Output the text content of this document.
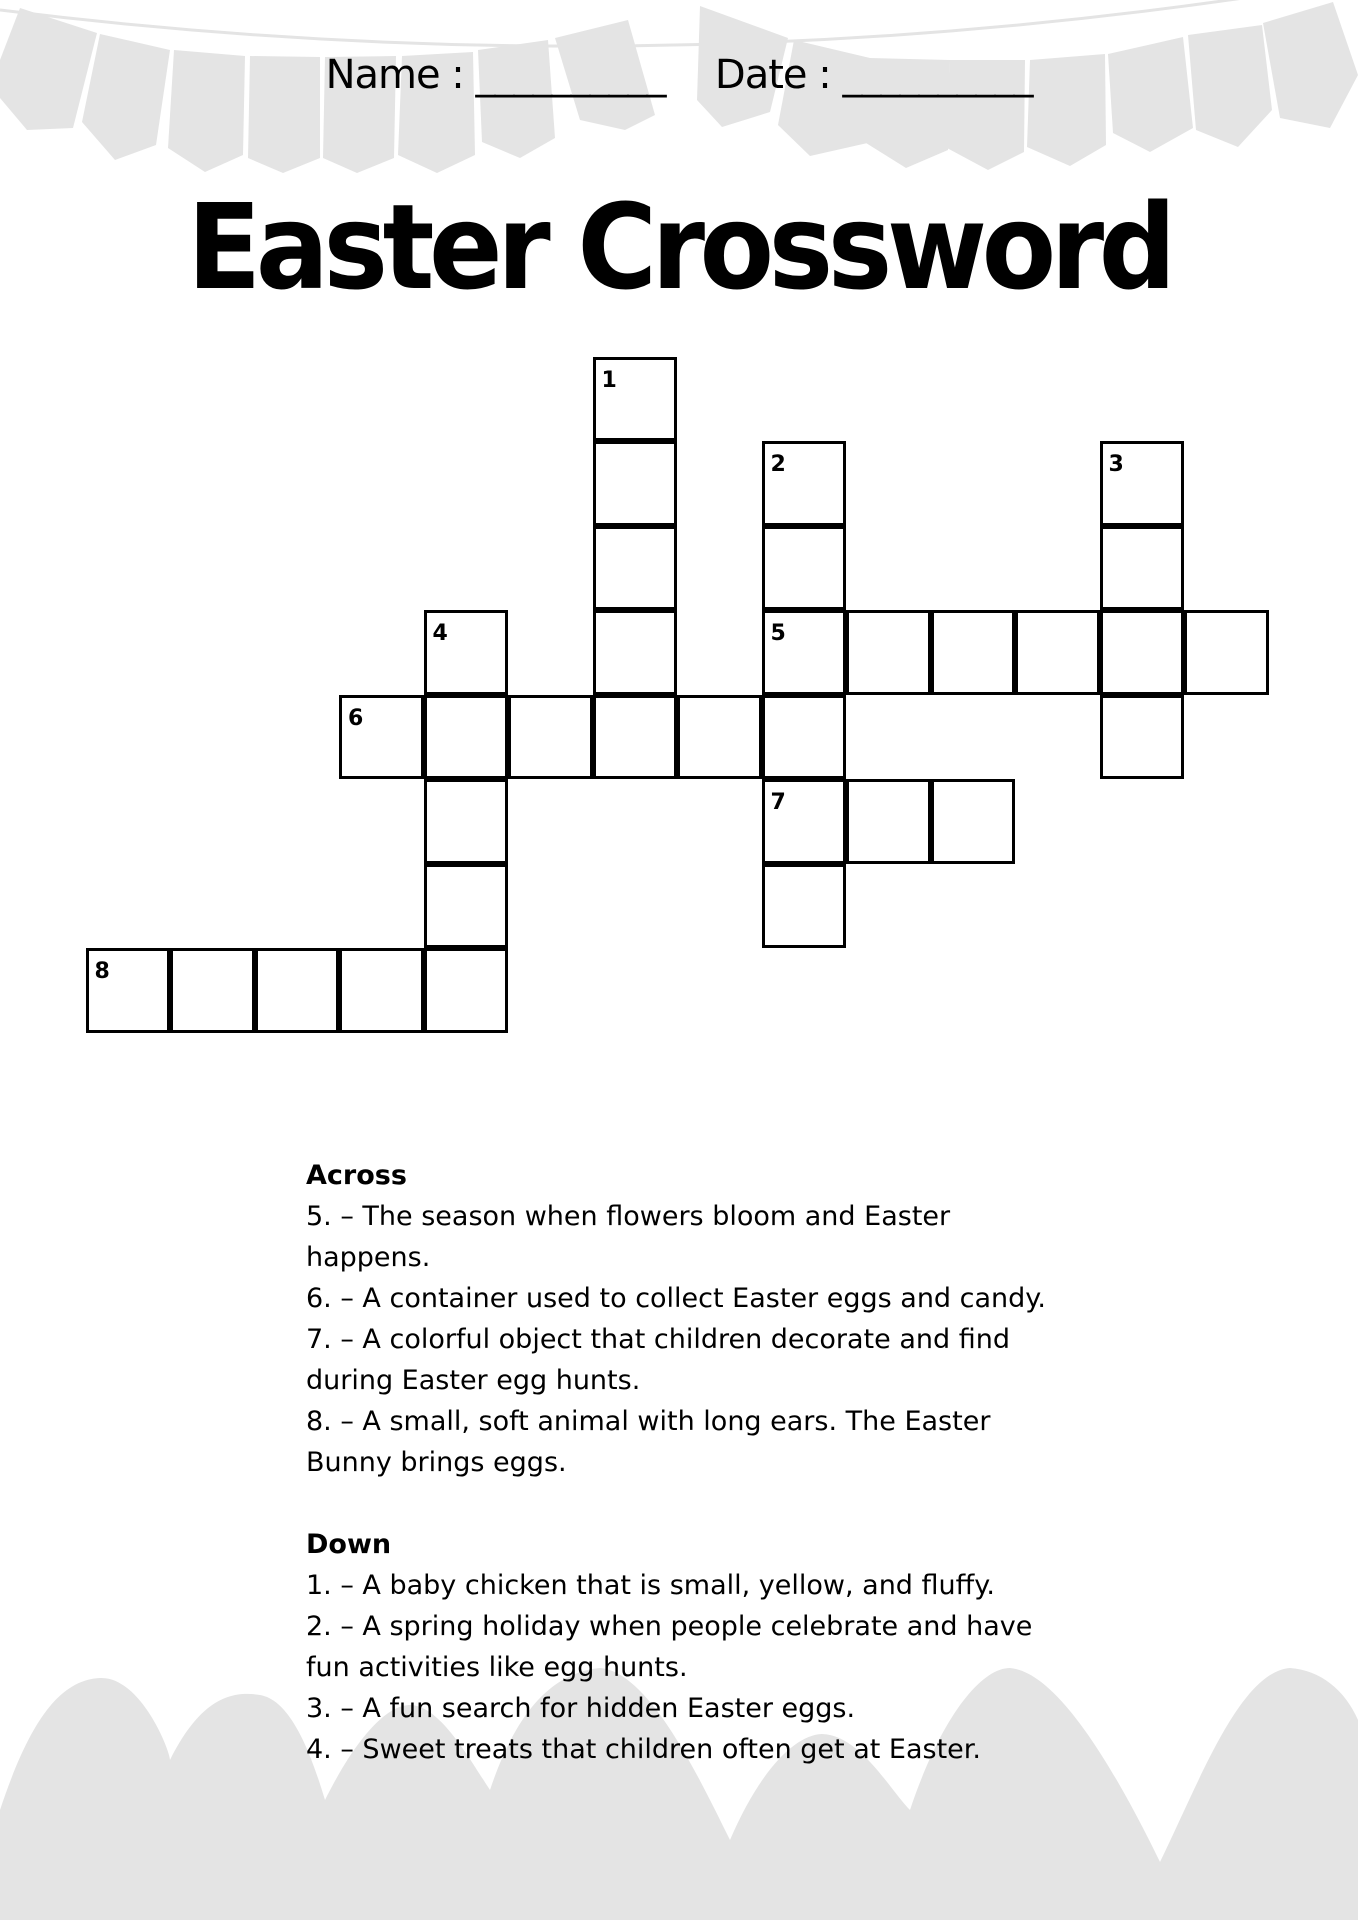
Name : __________ Date : __________
Easter Crossword
1
2
5
3
4
6
7
8
Across

5. – The season when flowers bloom and Easter

happens.

6. – A container used to collect Easter eggs and candy.

7. – A colorful object that children decorate and find

during Easter egg hunts.

8. – A small, soft animal with long ears. The Easter

Bunny brings eggs.

Down

1. – A baby chicken that is small, yellow, and fluffy.

2. – A spring holiday when people celebrate and have

fun activities like egg hunts.

3. – A fun search for hidden Easter eggs.

4. – Sweet treats that children often get at Easter.
